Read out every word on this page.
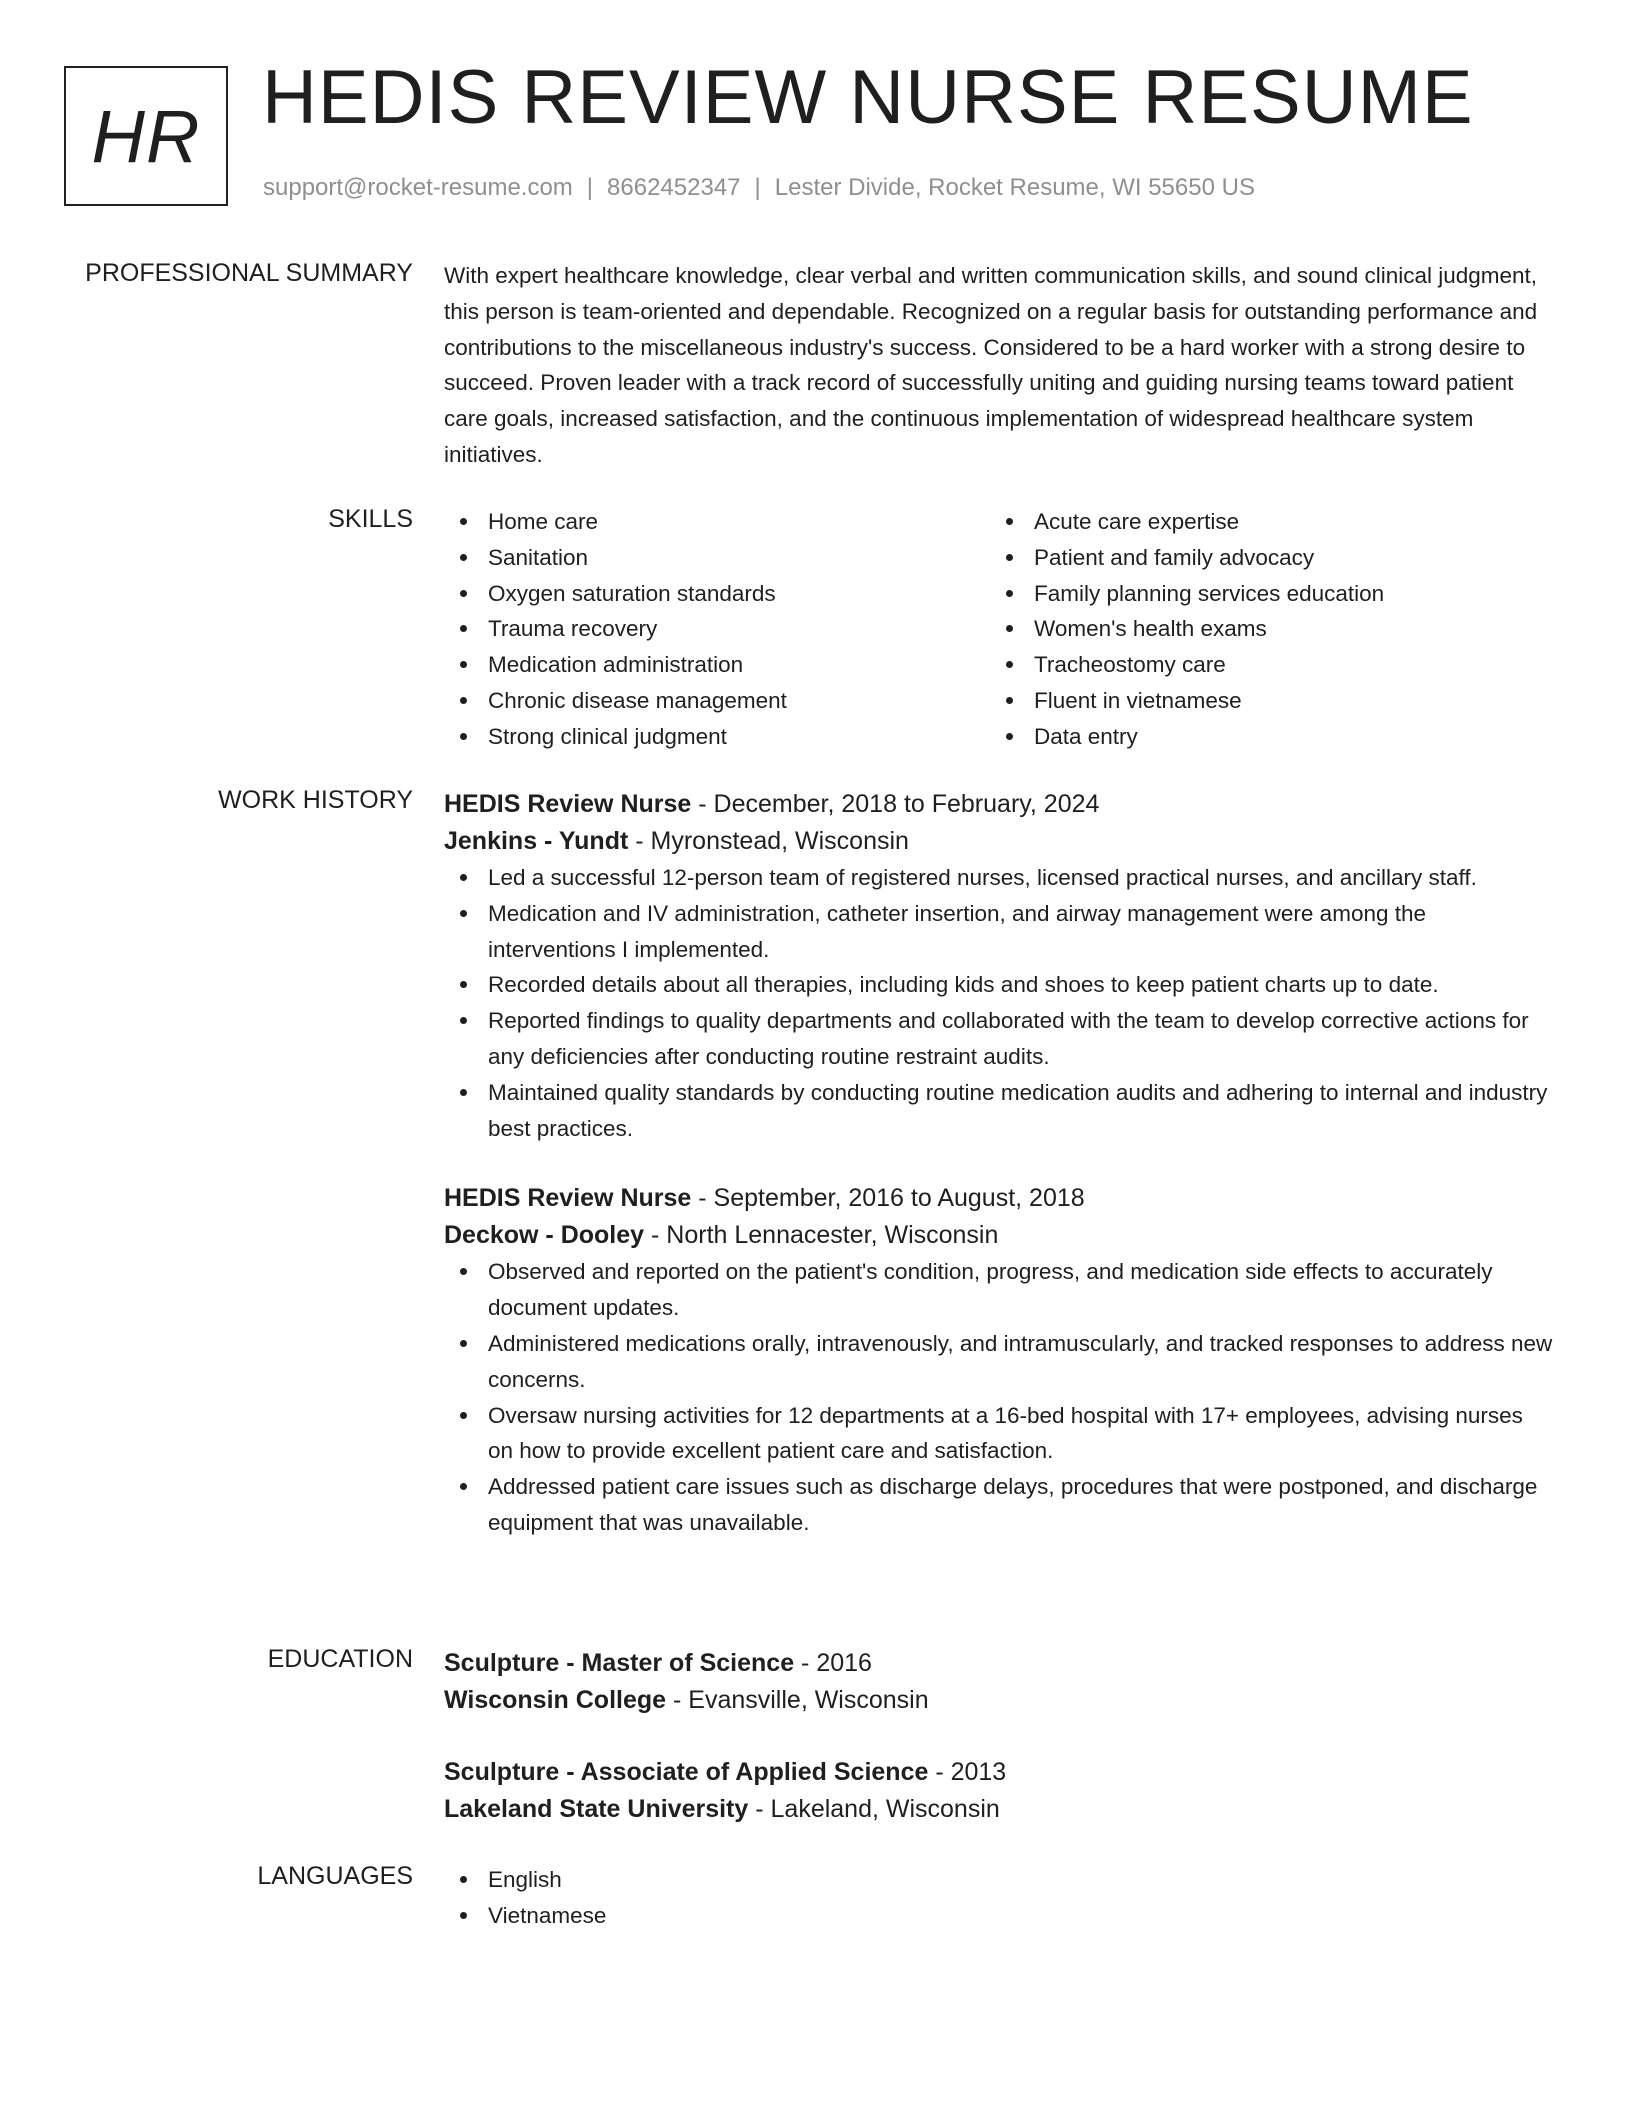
HR HEDIS REVIEW NURSE RESUME
support@rocket-resume.com | 8662452347 | Lester Divide, Rocket Resume, WI 55650 US
PROFESSIONAL SUMMARY With expert healthcare knowledge, clear verbal and written communication skills, and sound clinical judgment, this person is team-oriented and dependable. Recognized on a regular basis for outstanding performance and contributions to the miscellaneous industry's success. Considered to be a hard worker with a strong desire to succeed. Proven leader with a track record of successfully uniting and guiding nursing teams toward patient care goals, increased satisfaction, and the continuous implementation of widespread healthcare system initiatives.
SKILLS	Home care
Sanitation
Oxygen saturation standards
Trauma recovery
Medication administration
Chronic disease management
Strong clinical judgment
Acute care expertise
Patient and family advocacy
Family planning services education
Women's health exams
Tracheostomy care
Fluent in vietnamese
Data entry
WORK HISTORY HEDIS Review Nurse - December, 2018 to February, 2024
Jenkins - Yundt - Myronstead, Wisconsin
Led a successful 12-person team of registered nurses, licensed practical nurses, and ancillary staff.
Medication and IV administration, catheter insertion, and airway management were among the interventions I implemented.
Recorded details about all therapies, including kids and shoes to keep patient charts up to date.
Reported findings to quality departments and collaborated with the team to develop corrective actions for any deficiencies after conducting routine restraint audits.
Maintained quality standards by conducting routine medication audits and adhering to internal and industry best practices.
HEDIS Review Nurse - September, 2016 to August, 2018
Deckow - Dooley - North Lennacester, Wisconsin
Observed and reported on the patient's condition, progress, and medication side effects to accurately document updates.
Administered medications orally, intravenously, and intramuscularly, and tracked responses to address new concerns.
Oversaw nursing activities for 12 departments at a 16-bed hospital with 17+ employees, advising nurses on how to provide excellent patient care and satisfaction.
Addressed patient care issues such as discharge delays, procedures that were postponed, and discharge equipment that was unavailable.
EDUCATION Sculpture - Master of Science - 2016
Wisconsin College - Evansville, Wisconsin
Sculpture - Associate of Applied Science - 2013
Lakeland State University - Lakeland, Wisconsin
LANGUAGES	English
Vietnamese
